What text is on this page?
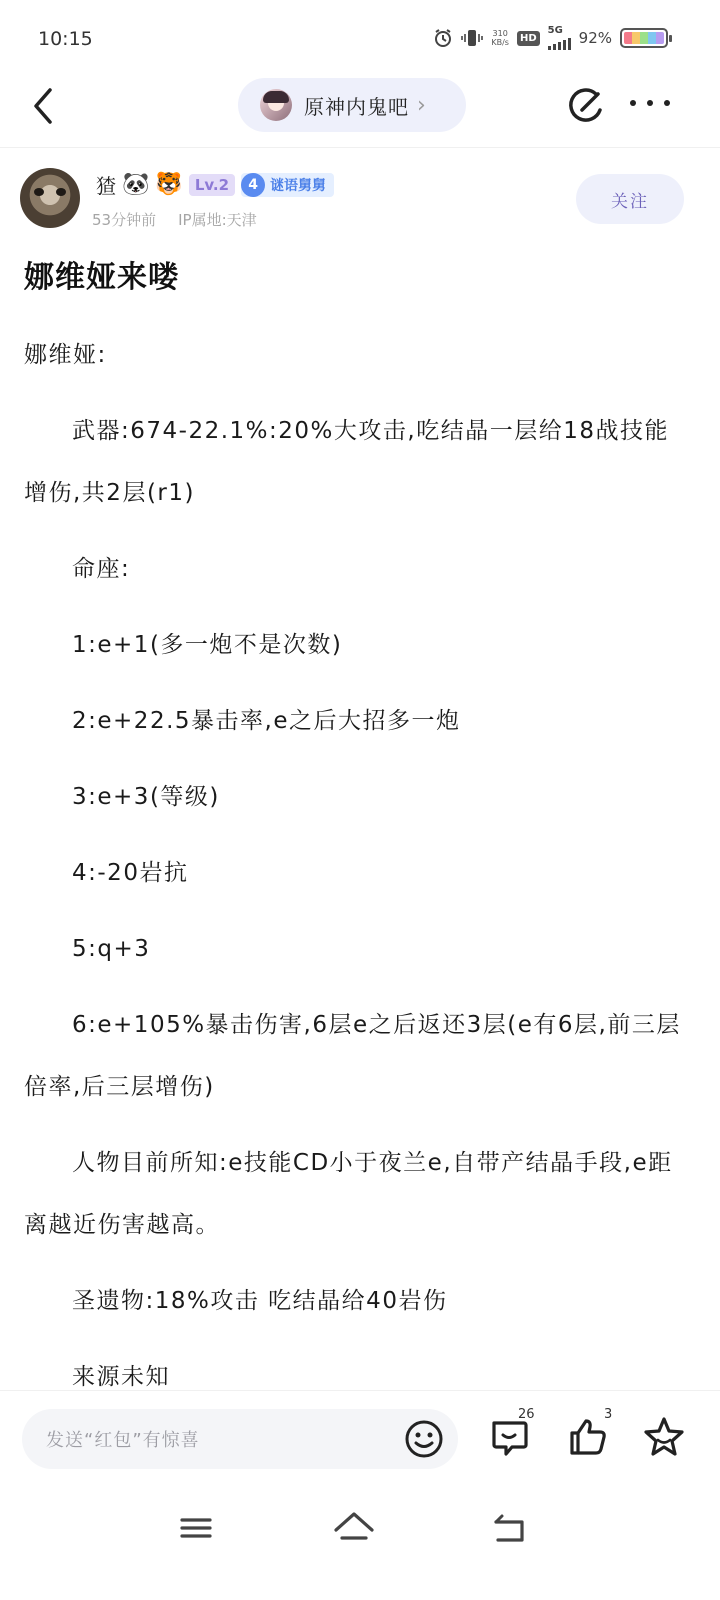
10:15	310
KB/s	HD
5G 92%
原神内鬼吧 ›
猹 🐼 🐯 Lv.2	4 谜语舅舅
53分钟前 IP属地:天津
关注
娜维娅来喽

娜维娅:

武器:674-22.1%:20%大攻击,吃结晶一层给18战技能增伤,共2层(r1)

命座:

1:e+1(多一炮不是次数)

2:e+22.5暴击率,e之后大招多一炮

3:e+3(等级)

4:-20岩抗

5:q+3

6:e+105%暴击伤害,6层e之后返还3层(e有6层,前三层倍率,后三层增伤)

人物目前所知:e技能CD小于夜兰e,自带产结晶手段,e距离越近伤害越高。

圣遗物:18%攻击 吃结晶给40岩伤

来源未知

发送“红包”有惊喜
26	3
